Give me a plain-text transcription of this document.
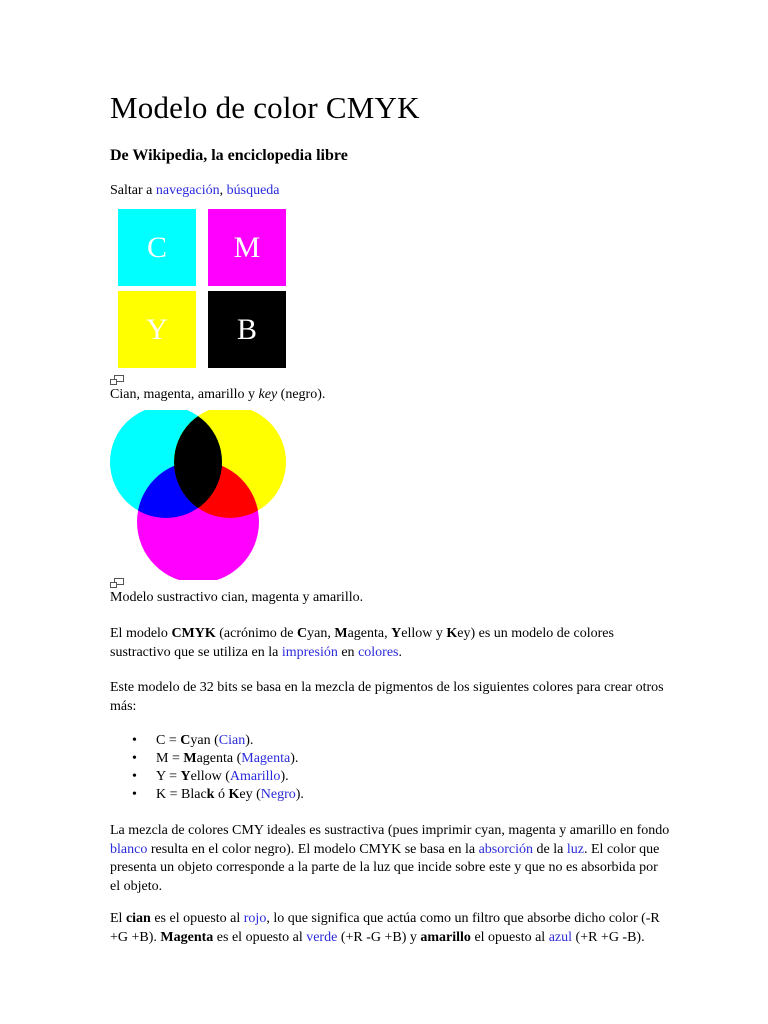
Modelo de color CMYK
De Wikipedia, la enciclopedia libre
Saltar a navegación, búsqueda
C	M
Y	B
Cian, magenta, amarillo y key (negro).
Modelo sustractivo cian, magenta y amarillo.

El modelo CMYK (acrónimo de Cyan, Magenta, Yellow y Key) es un modelo de colores sustractivo que se utiliza en la impresión en colores.

Este modelo de 32 bits se basa en la mezcla de pigmentos de los siguientes colores para crear otros más:

• C = Cyan (Cian).
• M = Magenta (Magenta).
• Y = Yellow (Amarillo).
• K = Black ó Key (Negro).

La mezcla de colores CMY ideales es sustractiva (pues imprimir cyan, magenta y amarillo en fondo blanco resulta en el color negro). El modelo CMYK se basa en la absorción de la luz. El color que presenta un objeto corresponde a la parte de la luz que incide sobre este y que no es absorbida por el objeto.

El cian es el opuesto al rojo, lo que significa que actúa como un filtro que absorbe dicho color (-R +G +B). Magenta es el opuesto al verde (+R -G +B) y amarillo el opuesto al azul (+R +G -B).
